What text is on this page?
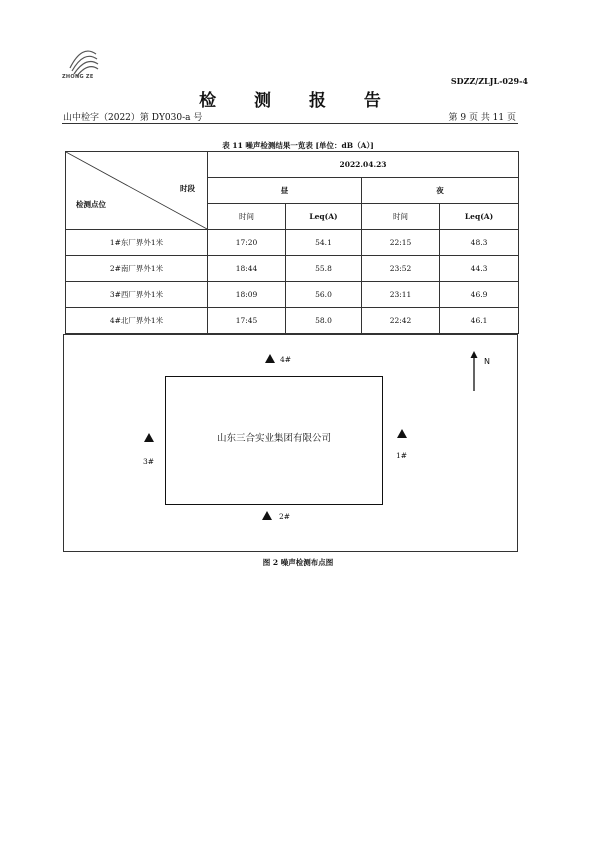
ZHONG ZE	SDZZ/ZLJL-029-4
检 测 报 告
山中检字（2022）第 DY030-a 号	第 9 页 共 11 页
表 11 噪声检测结果一览表 [单位：dB（A）]
时段
检测点位	2022.04.23			
	昼		夜	
	时间	Leq(A)	时间	Leq(A)
1#东厂界外1米	17:20	54.1	22:15	48.3
2#南厂界外1米	18:44	55.8	23:52	44.3
3#西厂界外1米	18:09	56.0	23:11	46.9
4#北厂界外1米	17:45	58.0	22:42	46.1
山东三合实业集团有限公司
4#
3#
1#
2#
N
图 2 噪声检测布点图
